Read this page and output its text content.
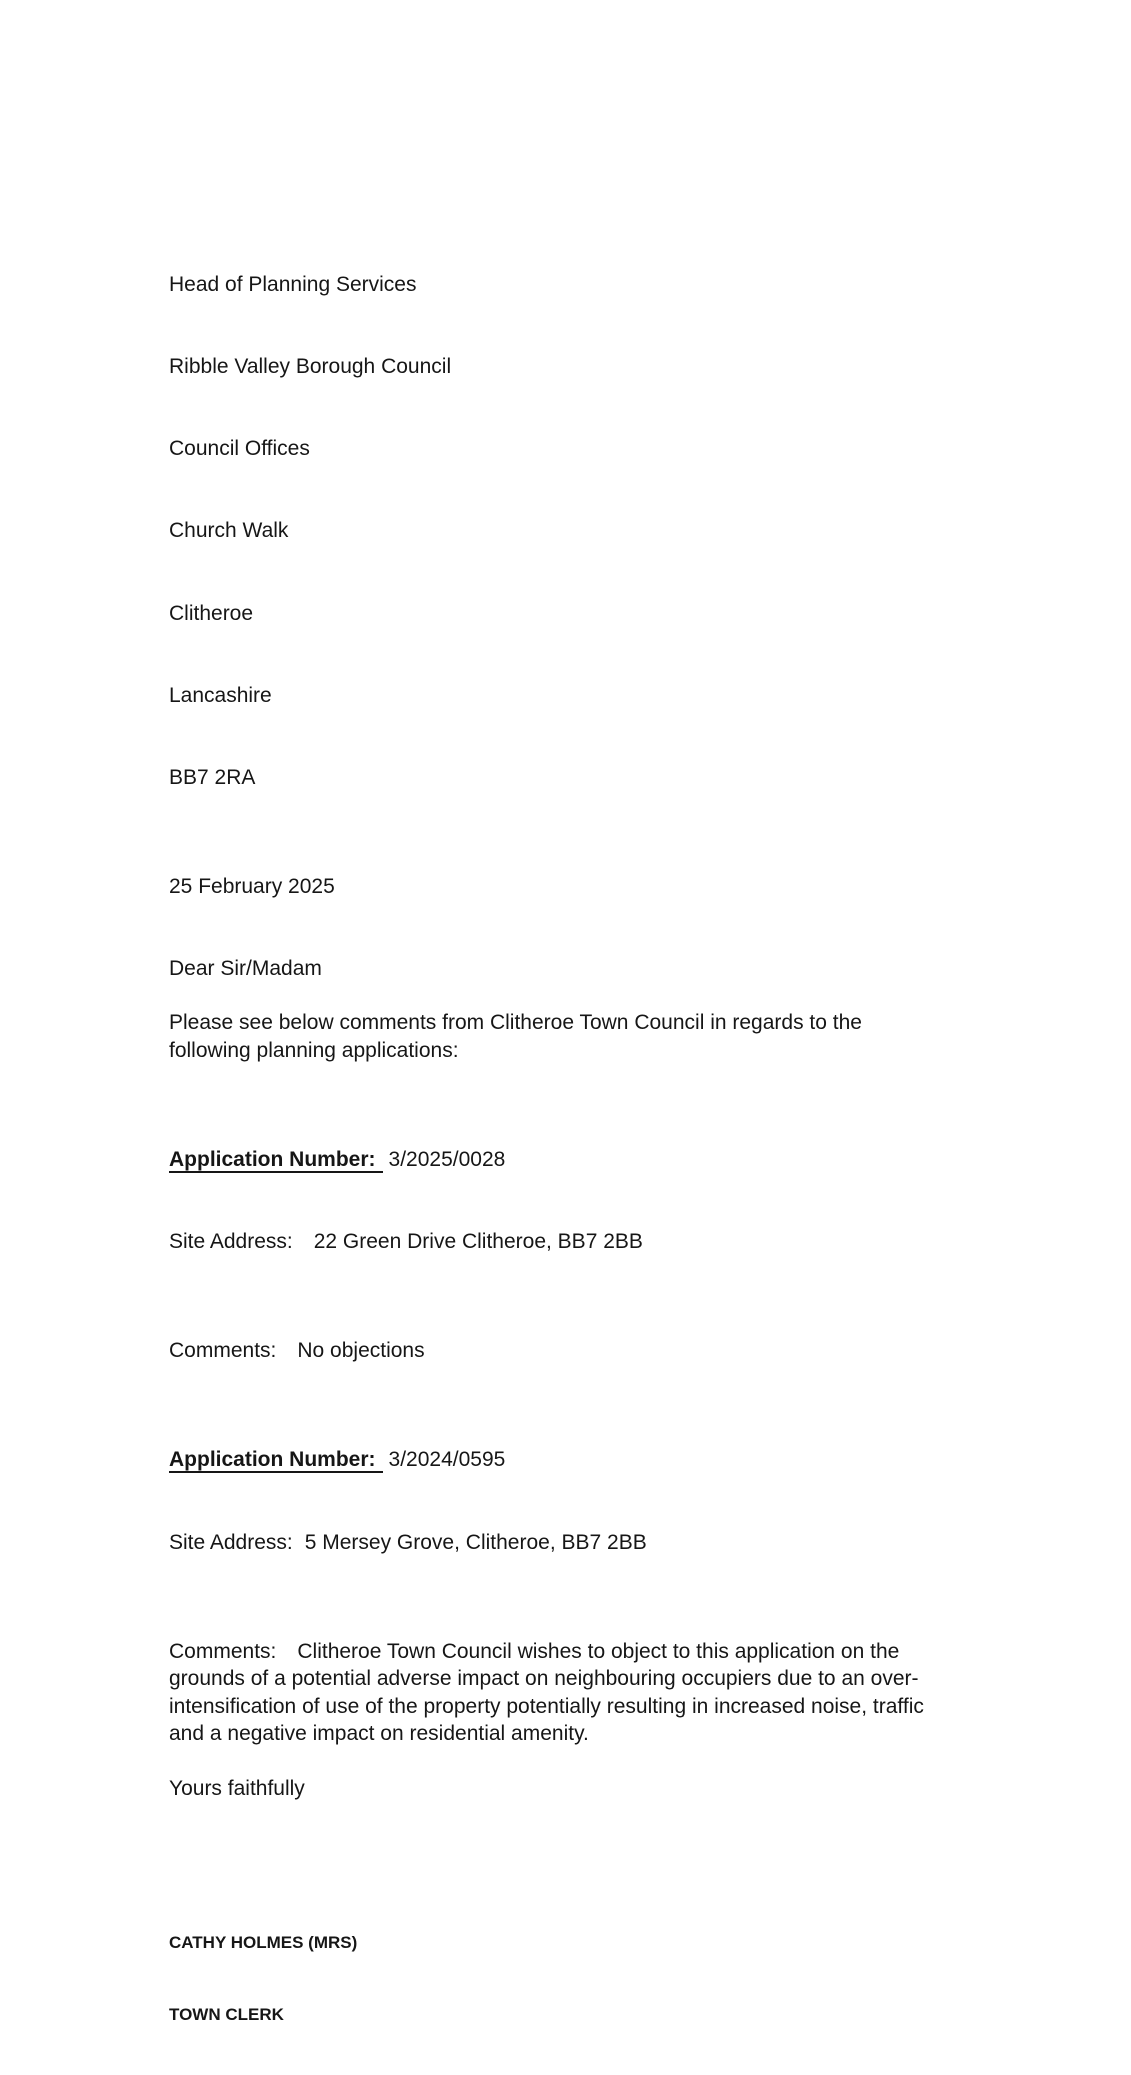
Head of Planning Services

Ribble Valley Borough Council

Council Offices

Church Walk

Clitheroe

Lancashire

BB7 2RA

25 February 2025
Dear Sir/Madam

Please see below comments from Clitheroe Town Council in regards to the following planning applications:

Application Number: 3/2025/0028

Site Address: 22 Green Drive Clitheroe, BB7 2BB

Comments: No objections

Application Number: 3/2024/0595

Site Address: 5 Mersey Grove, Clitheroe, BB7 2BB

Comments: Clitheroe Town Council wishes to object to this application on the grounds of a potential adverse impact on neighbouring occupiers due to an over-intensification of use of the property potentially resulting in increased noise, traffic and a negative impact on residential amenity.

Yours faithfully

CATHY HOLMES (MRS)

TOWN CLERK
